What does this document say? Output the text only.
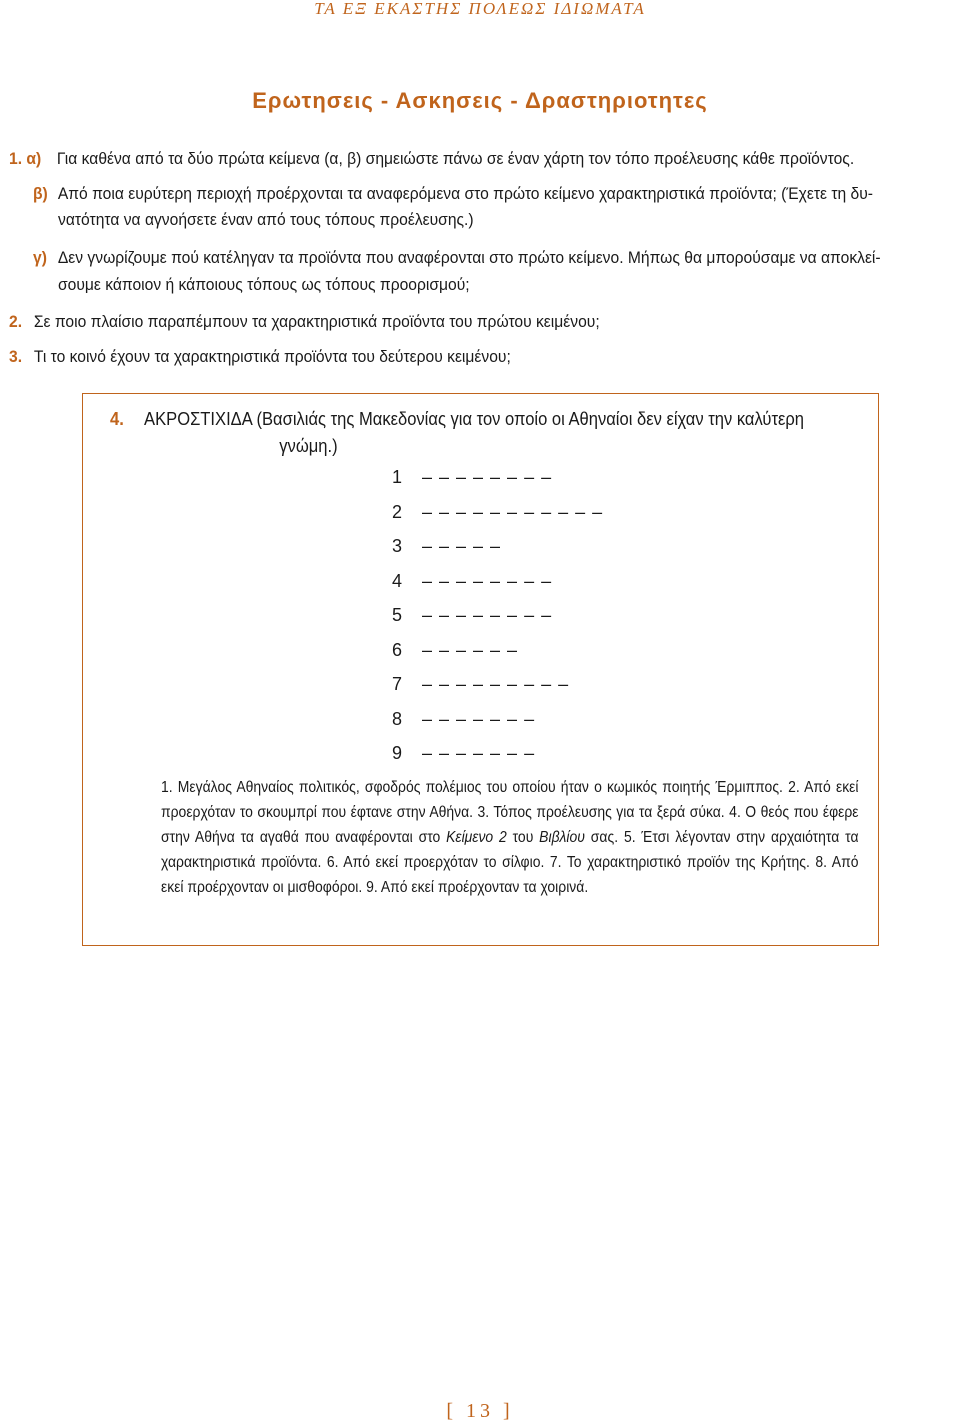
ΤΑ ΕΞ ΕΚΑΣΤΗΣ ΠΟΛΕΩΣ ΙΔΙΩΜΑΤΑ
Ερωτησεις - Ασκησεις - Δραστηριοτητες
1. α) Για καθένα από τα δύο πρώτα κείμενα (α, β) σημειώστε πάνω σε έναν χάρτη τον τόπο προέλευσης κάθε προϊόντος.
β) Από ποια ευρύτερη περιοχή προέρχονται τα αναφερόμενα στο πρώτο κείμενο χαρακτηριστικά προϊόντα; (Έχετε τη δυ-
νατότητα να αγνοήσετε έναν από τους τόπους προέλευσης.)
γ) Δεν γνωρίζουμε πού κατέληγαν τα προϊόντα που αναφέρονται στο πρώτο κείμενο. Μήπως θα μπορούσαμε να αποκλεί-
σουμε κάποιον ή κάποιους τόπους ως τόπους προορισμού;
2. Σε ποιο πλαίσιο παραπέμπουν τα χαρακτηριστικά προϊόντα του πρώτου κειμένου;
3. Τι το κοινό έχουν τα χαρακτηριστικά προϊόντα του δεύτερου κειμένου;
4. ΑΚΡΟΣΤΙΧΙΔΑ (Βασιλιάς της Μακεδονίας για τον οποίο οι Αθηναίοι δεν είχαν την καλύτερη
γνώμη.)
1 – – – – – – – –
2 – – – – – – – – – – –
3 – – – – –
4 – – – – – – – –
5 – – – – – – – –
6 – – – – – –
7 – – – – – – – – –
8 – – – – – – –
9 – – – – – – –
1. Μεγάλος Αθηναίος πολιτικός, σφοδρός πολέμιος του οποίου ήταν ο κωμικός ποιητής Έρμιππος. 2. Από εκεί προερχόταν το σκουμπρί που έφτανε στην Αθήνα. 3. Τόπος προέλευσης για τα ξερά σύκα. 4. Ο θεός που έφερε στην Αθήνα τα αγαθά που αναφέρονται στο Κείμενο 2 του Βιβλίου σας. 5. Έτσι λέγονταν στην αρχαιότητα τα χαρακτηριστικά προϊόντα. 6. Από εκεί προερχόταν το σίλφιο. 7. Το χαρακτηριστικό προϊόν της Κρήτης. 8. Από εκεί προέρχονταν οι μισθοφόροι. 9. Από εκεί προέρχονταν τα χοιρινά.
[ 13 ]
